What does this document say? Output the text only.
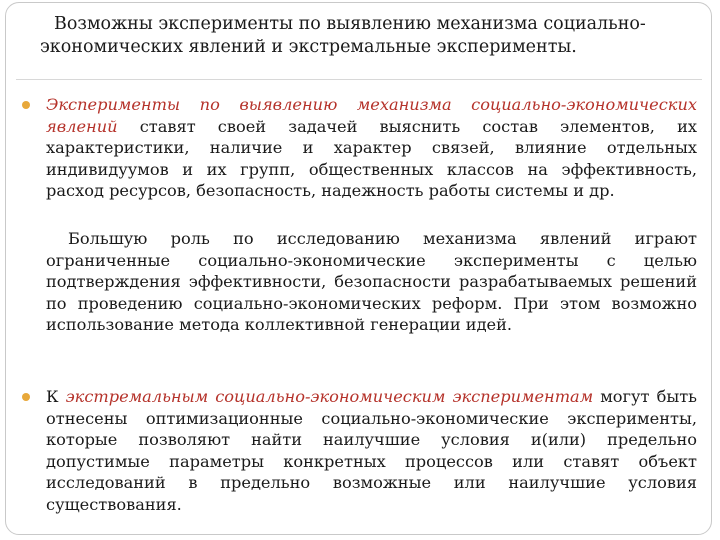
Возможны эксперименты по выявлению механизма социально-экономических явлений и экстремальные эксперименты.

Эксперименты по выявлению механизма социально-экономических явлений ставят своей задачей выяснить состав элементов, их характеристики, наличие и характер связей, влияние отдельных индивидуумов и их групп, общественных классов на эффективность, расход ресурсов, безопасность, надежность работы системы и др.

Большую роль по исследованию механизма явлений играют ограниченные социально-экономические эксперименты с целью подтверждения эффективности, безопасности разрабатываемых решений по проведению социально-экономических реформ. При этом возможно использование метода коллективной генерации идей.

К экстремальным социально-экономическим экспериментам могут быть отнесены оптимизационные социально-экономические эксперименты, которые позволяют найти наилучшие условия и(или) предельно допустимые параметры конкретных процессов или ставят объект исследований в предельно возможные или наилучшие условия существования.
